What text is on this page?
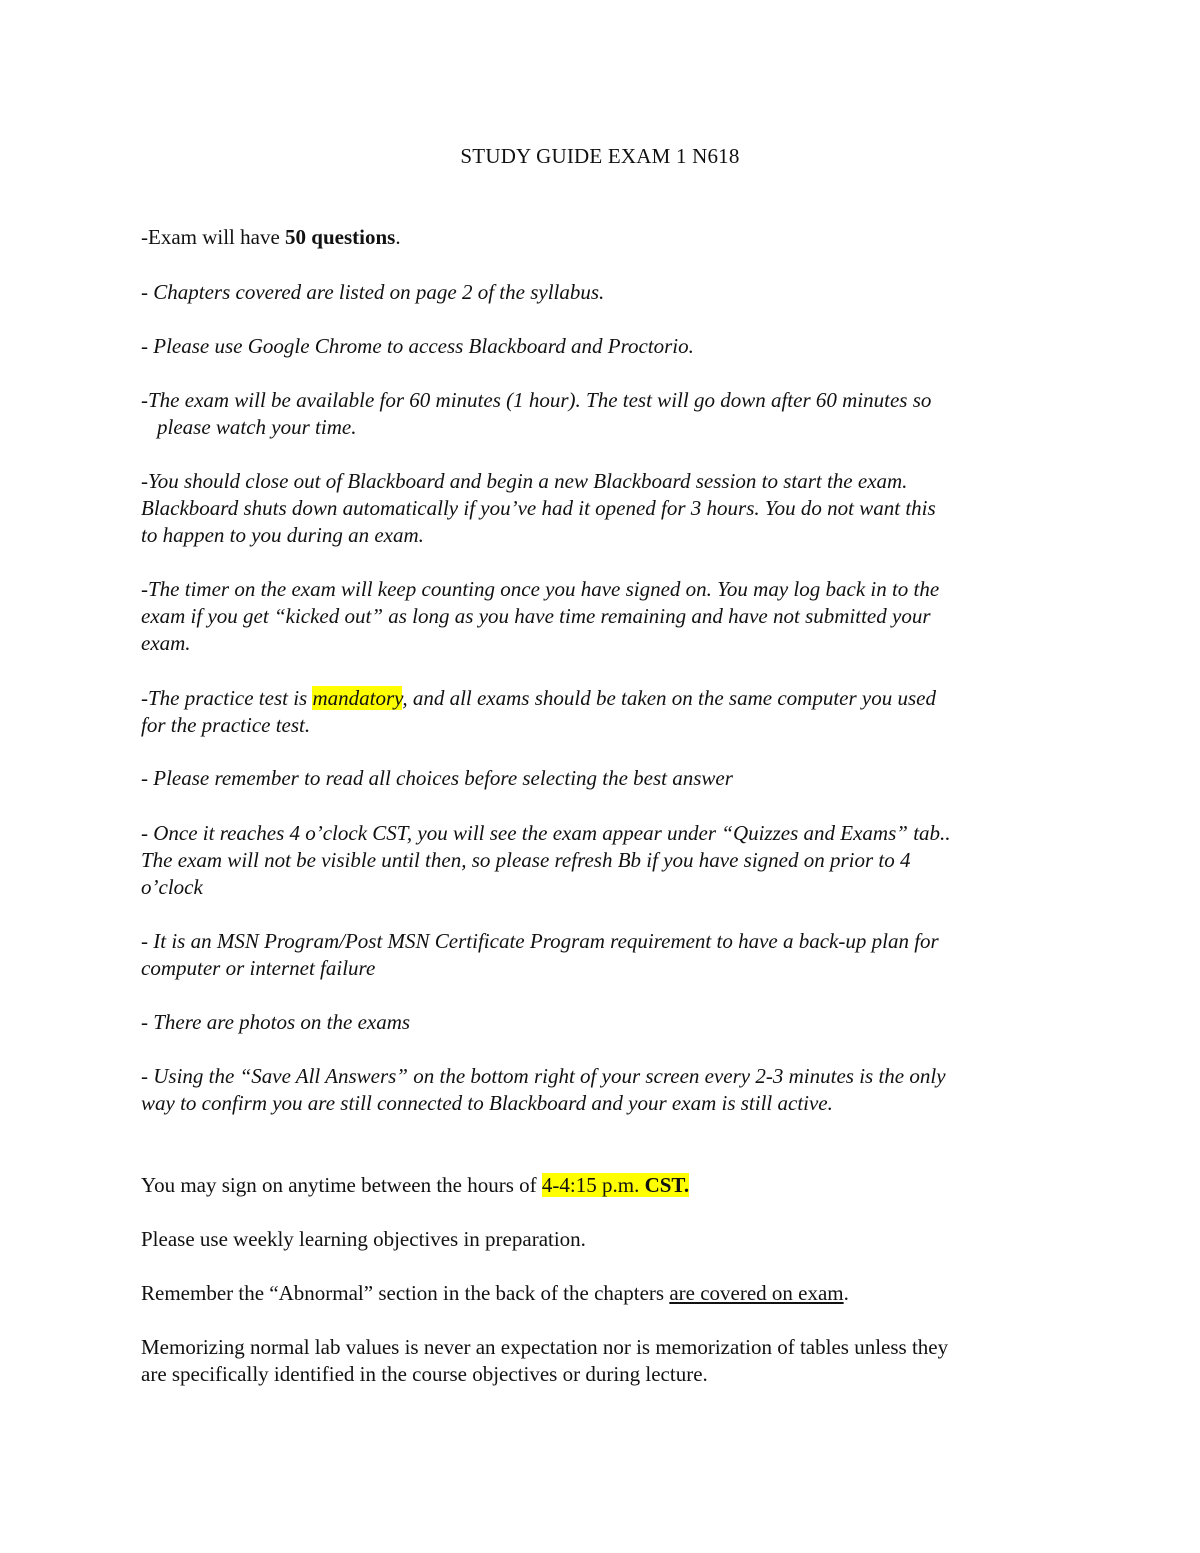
STUDY GUIDE EXAM 1 N618

-Exam will have 50 questions.

- Chapters covered are listed on page 2 of the syllabus.

- Please use Google Chrome to access Blackboard and Proctorio.

-The exam will be available for 60 minutes (1 hour). The test will go down after 60 minutes so
please watch your time.

-You should close out of Blackboard and begin a new Blackboard session to start the exam.
Blackboard shuts down automatically if you’ve had it opened for 3 hours. You do not want this
to happen to you during an exam.

-The timer on the exam will keep counting once you have signed on. You may log back in to the
exam if you get “kicked out” as long as you have time remaining and have not submitted your
exam.

-The practice test is mandatory, and all exams should be taken on the same computer you used
for the practice test.

- Please remember to read all choices before selecting the best answer

- Once it reaches 4 o’clock CST, you will see the exam appear under “Quizzes and Exams” tab..
The exam will not be visible until then, so please refresh Bb if you have signed on prior to 4
o’clock

- It is an MSN Program/Post MSN Certificate Program requirement to have a back-up plan for
computer or internet failure

- There are photos on the exams

- Using the “Save All Answers” on the bottom right of your screen every 2-3 minutes is the only
way to confirm you are still connected to Blackboard and your exam is still active.

You may sign on anytime between the hours of 4-4:15 p.m. CST.

Please use weekly learning objectives in preparation.

Remember the “Abnormal” section in the back of the chapters are covered on exam.

Memorizing normal lab values is never an expectation nor is memorization of tables unless they
are specifically identified in the course objectives or during lecture.
